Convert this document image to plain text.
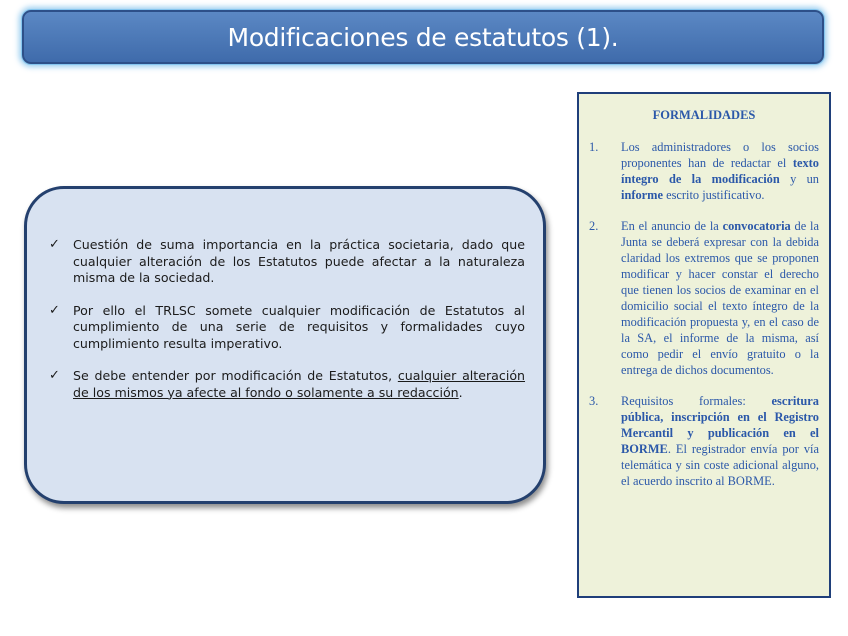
Modificaciones de estatutos (1).
✓ Cuestión de suma importancia en la práctica societaria, dado que cualquier alteración de los Estatutos puede afectar a la naturaleza misma de la sociedad.
✓ Por ello el TRLSC somete cualquier modificación de Estatutos al cumplimiento de una serie de requisitos y formalidades cuyo cumplimiento resulta imperativo.
✓ Se debe entender por modificación de Estatutos, cualquier alteración de los mismos ya afecte al fondo o solamente a su redacción.
FORMALIDADES
1. Los administradores o los socios proponentes han de redactar el texto íntegro de la modificación y un informe escrito justificativo.
2. En el anuncio de la convocatoria de la Junta se deberá expresar con la debida claridad los extremos que se proponen modificar y hacer constar el derecho que tienen los socios de examinar en el domicilio social el texto íntegro de la modificación propuesta y, en el caso de la SA, el informe de la misma, así como pedir el envío gratuito o la entrega de dichos documentos.
3. Requisitos formales: escritura pública, inscripción en el Registro Mercantil y publicación en el BORME. El registrador envía por vía telemática y sin coste adicional alguno, el acuerdo inscrito al BORME.
